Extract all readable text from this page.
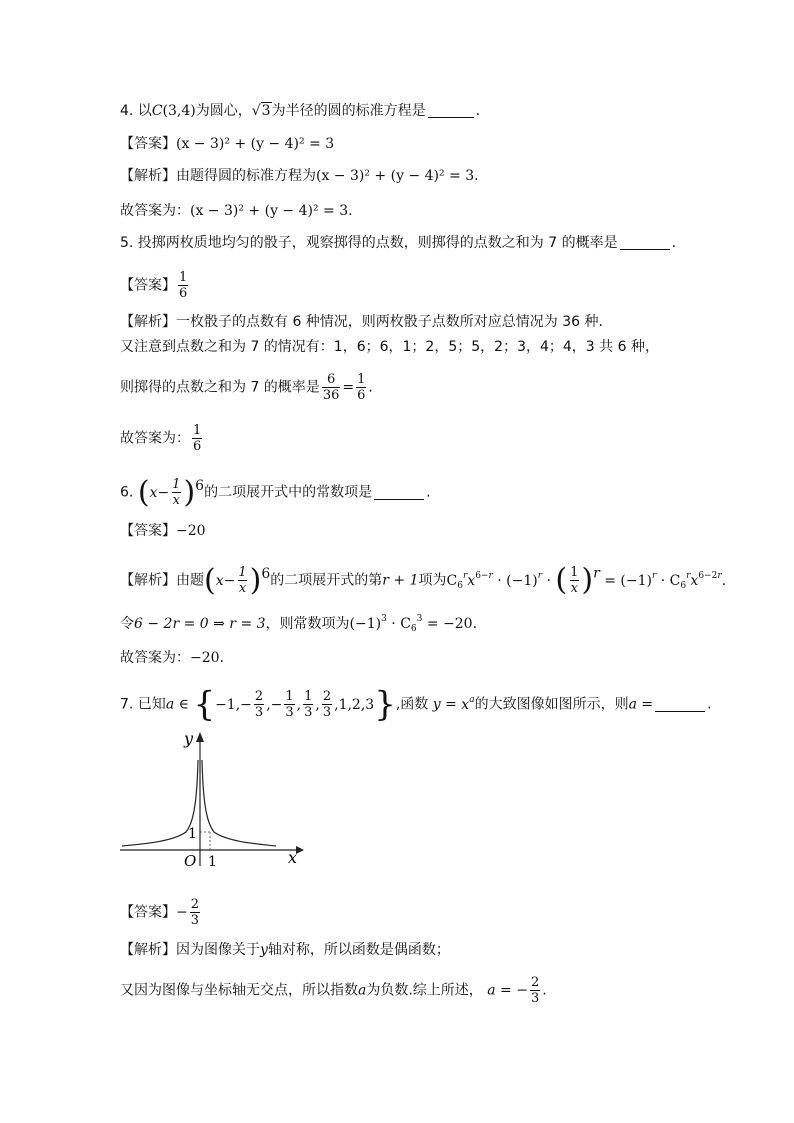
4. 以C(3,4)为圆心，√3为半径的圆的标准方程是	.
【答案】(x − 3)² + (y − 4)² = 3
【解析】由题得圆的标准方程为(x − 3)² + (y − 4)² = 3.
故答案为：(x − 3)² + (y − 4)² = 3.
5. 投掷两枚质地均匀的骰子，观察掷得的点数，则掷得的点数之和为 7 的概率是	.
【答案】 $\frac{1}{6}$
【解析】一枚骰子的点数有 6 种情况，则两枚骰子点数所对应总情况为 36 种.
又注意到点数之和为 7 的情况有：1，6；6，1；2，5；5，2；3，4；4，3 共 6 种，
则掷得的点数之和为 7 的概率是 $\frac{6}{36} = \frac{1}{6}$ .
故答案为： $\frac{1}{6}$
6. $(x- \frac{1}{x} )^6$的二项展开式中的常数项是	.
【答案】−20
【解析】由题$(x- \frac{1}{x} )^6$的二项展开式的第r + 1项为$C_6^rx^{6-r} \cdot (-1)^r$ · ( $\frac{1}{x} )^r = (-1)^r \cdot C_6^rx^{6-2r}$.
令6 − 2r = 0 ⇒ r = 3，则常数项为$(-1)^3 \cdot C_6^3 = -20$.
故答案为：−20.
7. 已知a ∈ {$-1,- \frac{2}{3}$ ,− $\frac{1}{3}$ , $\frac{1}{3}$ , $\frac{2}{3} ,1,2,3$},函数 $y = x^a$的大致图像如图所示，则a =	.
y
x
1
1
O
【答案】− $\frac{2}{3}$
【解析】因为图像关于y轴对称，所以函数是偶函数；
又因为图像与坐标轴无交点，所以指数a为负数.综上所述， a = − $\frac{2}{3}$ .
